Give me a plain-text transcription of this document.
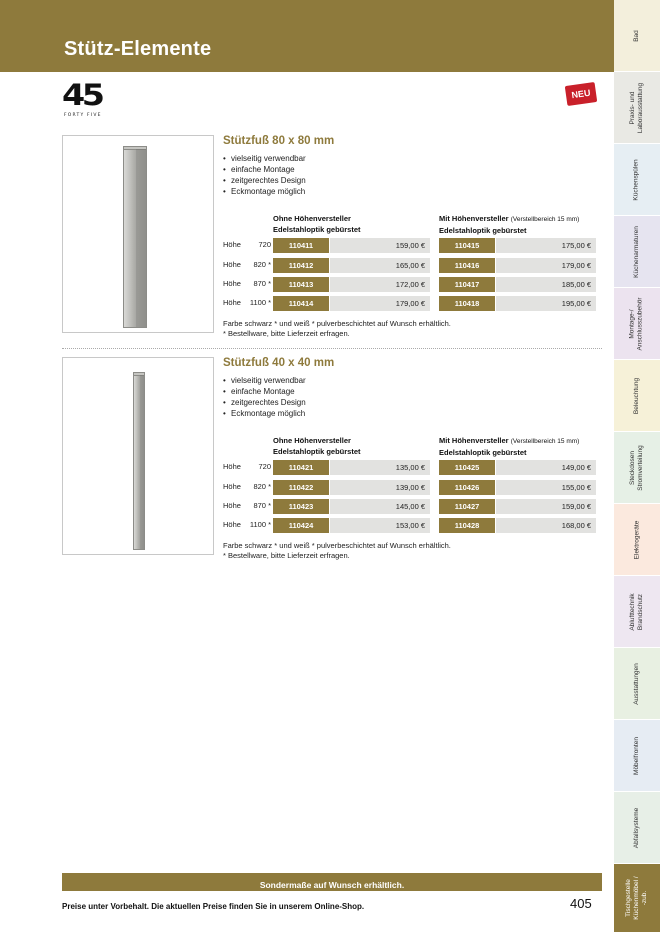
Stütz-Elemente
45
FORTY FIVE
NEU
Stützfuß 80 x 80 mm
• vielseitig verwendbar
• einfache Montage
• zeitgerechtes Design
• Eckmontage möglich
Ohne Höhenversteller
Edelstahloptik gebürstet
Mit Höhenversteller (Verstellbereich 15 mm)
Edelstahloptik gebürstet
Höhe 720	110411	159,00 €	110415	175,00 €
Höhe 820 *	110412	165,00 €	110416	179,00 €
Höhe 870 *	110413	172,00 €	110417	185,00 €
Höhe 1100 *	110414	179,00 €	110418	195,00 €
Farbe schwarz * und weiß * pulverbeschichtet auf Wunsch erhältlich.
* Bestellware, bitte Lieferzeit erfragen.
Stützfuß 40 x 40 mm
• vielseitig verwendbar
• einfache Montage
• zeitgerechtes Design
• Eckmontage möglich
Ohne Höhenversteller
Edelstahloptik gebürstet
Mit Höhenversteller (Verstellbereich 15 mm)
Edelstahloptik gebürstet
Höhe 720	110421	135,00 €	110425	149,00 €
Höhe 820 *	110422	139,00 €	110426	155,00 €
Höhe 870 *	110423	145,00 €	110427	159,00 €
Höhe 1100 *	110424	153,00 €	110428	168,00 €
Farbe schwarz * und weiß * pulverbeschichtet auf Wunsch erhältlich.
* Bestellware, bitte Lieferzeit erfragen.
Sondermaße auf Wunsch erhältlich.
Preise unter Vorbehalt. Die aktuellen Preise finden Sie in unserem Online-Shop.	405
Bad
Praxis- und Laborausstattung
Küchenspülen
Küchenarmaturen
Montage-/ Anschlusszubehör
Beleuchtung
Steckdosen Stromverteilung
Elektrogeräte
Ablufttechnik Brandschutz
Ausstattungen
Möbelfronten
Abfallsysteme
Tischgestelle Küchenmöbel / -zub.
